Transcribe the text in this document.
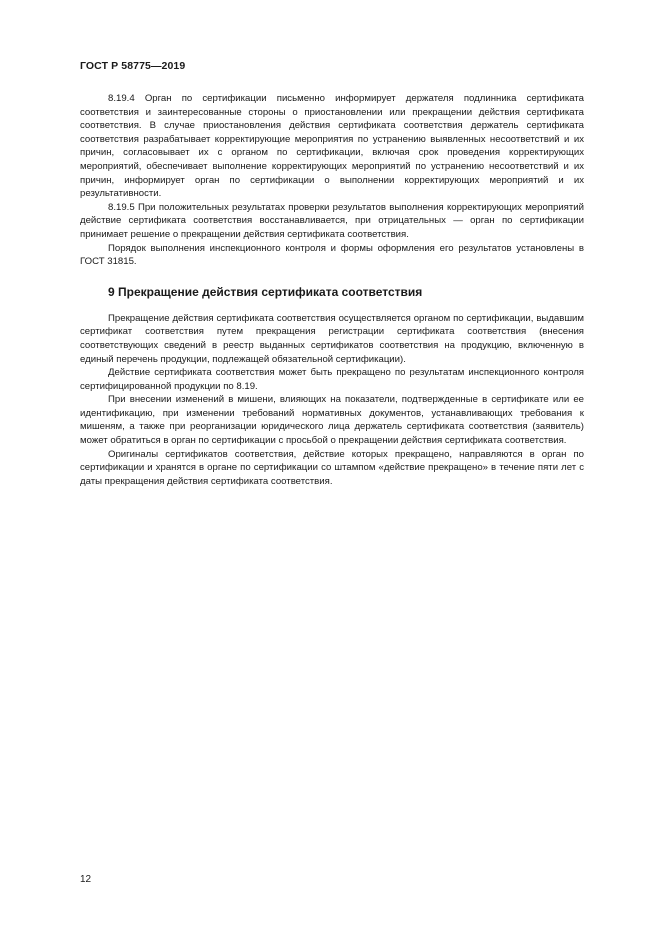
ГОСТ Р 58775—2019

8.19.4 Орган по сертификации письменно информирует держателя подлинника сертификата соответствия и заинтересованные стороны о приостановлении или прекращении действия сертификата соответствия. В случае приостановления действия сертификата соответствия держатель сертификата соответствия разрабатывает корректирующие мероприятия по устранению выявленных несоответствий и их причин, согласовывает их с органом по сертификации, включая срок проведения корректирующих мероприятий, обеспечивает выполнение корректирующих мероприятий по устранению несоответствий и их причин, информирует орган по сертификации о выполнении корректирующих мероприятий и их результативности.

8.19.5 При положительных результатах проверки результатов выполнения корректирующих мероприятий действие сертификата соответствия восстанавливается, при отрицательных — орган по сертификации принимает решение о прекращении действия сертификата соответствия.

Порядок выполнения инспекционного контроля и формы оформления его результатов установлены в ГОСТ 31815.

9 Прекращение действия сертификата соответствия

Прекращение действия сертификата соответствия осуществляется органом по сертификации, выдавшим сертификат соответствия путем прекращения регистрации сертификата соответствия (внесения соответствующих сведений в реестр выданных сертификатов соответствия на продукцию, включенную в единый перечень продукции, подлежащей обязательной сертификации).

Действие сертификата соответствия может быть прекращено по результатам инспекционного контроля сертифицированной продукции по 8.19.

При внесении изменений в мишени, влияющих на показатели, подтвержденные в сертификате или ее идентификацию, при изменении требований нормативных документов, устанавливающих требования к мишеням, а также при реорганизации юридического лица держатель сертификата соответствия (заявитель) может обратиться в орган по сертификации с просьбой о прекращении действия сертификата соответствия.

Оригиналы сертификатов соответствия, действие которых прекращено, направляются в орган по сертификации и хранятся в органе по сертификации со штампом «действие прекращено» в течение пяти лет с даты прекращения действия сертификата соответствия.

12
